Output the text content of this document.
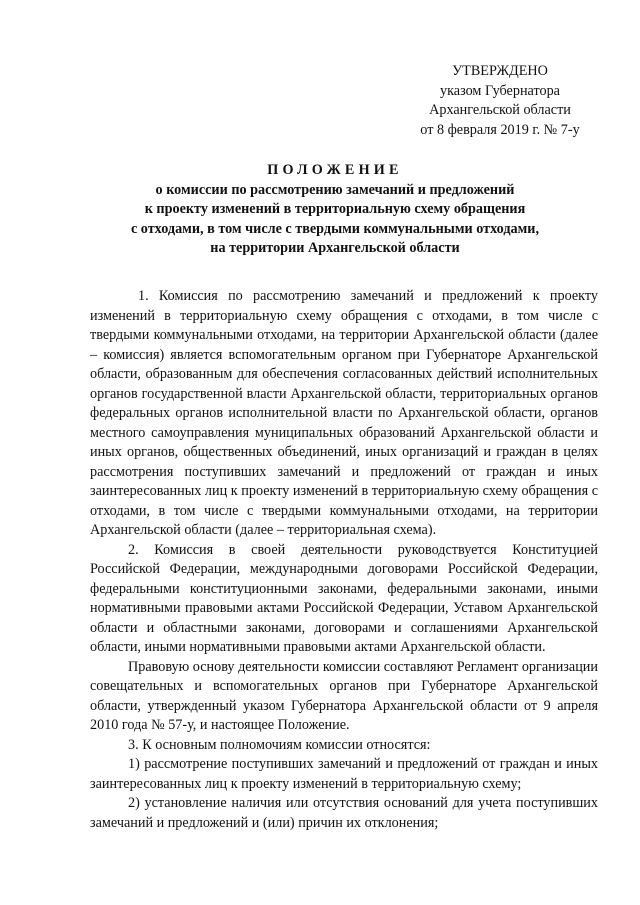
УТВЕРЖДЕНО
указом Губернатора
Архангельской области
от 8 февраля 2019 г. № 7-у
ПОЛОЖЕНИЕ
о комиссии по рассмотрению замечаний и предложений
к проекту изменений в территориальную схему обращения
с отходами, в том числе с твердыми коммунальными отходами,
на территории Архангельской области

1. Комиссия по рассмотрению замечаний и предложений к проекту изменений в территориальную схему обращения с отходами, в том числе с твердыми коммунальными отходами, на территории Архангельской области (далее – комиссия) является вспомогательным органом при Губернаторе Архангельской области, образованным для обеспечения согласованных действий исполнительных органов государственной власти Архангельской области, территориальных органов федеральных органов исполнительной власти по Архангельской области, органов местного самоуправления муниципальных образований Архангельской области и иных органов, общественных объединений, иных организаций и граждан в целях рассмотрения поступивших замечаний и предложений от граждан и иных заинтересованных лиц к проекту изменений в территориальную схему обращения с отходами, в том числе с твердыми коммунальными отходами, на территории Архангельской области (далее – территориальная схема).

2. Комиссия в своей деятельности руководствуется Конституцией Российской Федерации, международными договорами Российской Федерации, федеральными конституционными законами, федеральными законами, иными нормативными правовыми актами Российской Федерации, Уставом Архангельской области и областными законами, договорами и соглашениями Архангельской области, иными нормативными правовыми актами Архангельской области.

Правовую основу деятельности комиссии составляют Регламент организации совещательных и вспомогательных органов при Губернаторе Архангельской области, утвержденный указом Губернатора Архангельской области от 9 апреля 2010 года № 57-у, и настоящее Положение.

3. К основным полномочиям комиссии относятся:

1) рассмотрение поступивших замечаний и предложений от граждан и иных заинтересованных лиц к проекту изменений в территориальную схему;

2) установление наличия или отсутствия оснований для учета поступивших замечаний и предложений и (или) причин их отклонения;
